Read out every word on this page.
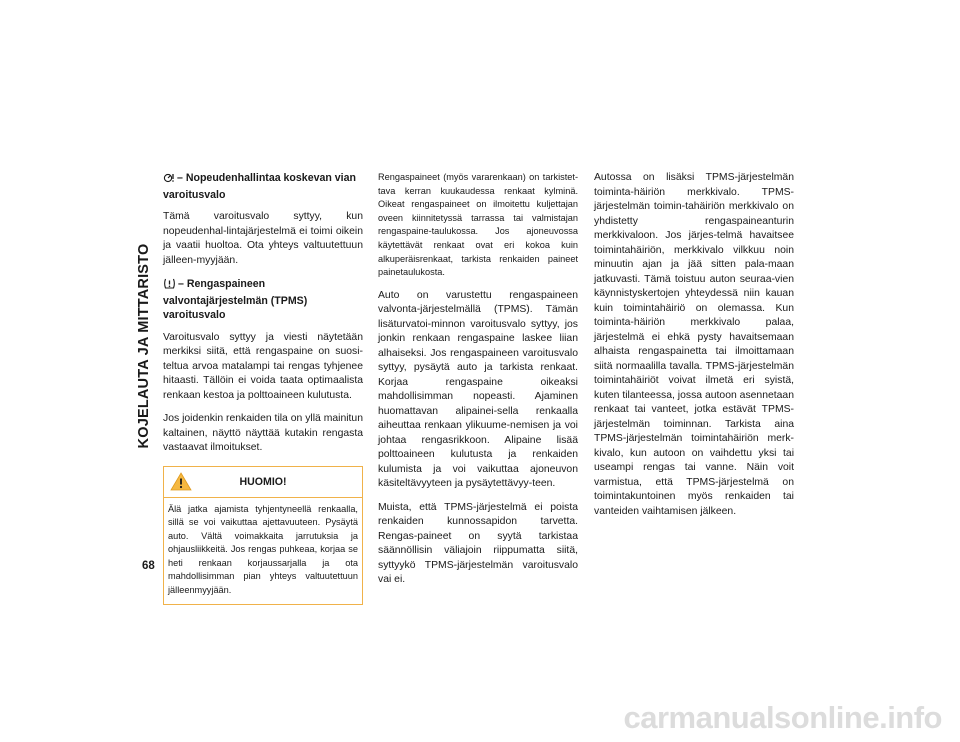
KOJELAUTA JA MITTARISTO
68
– Nopeudenhallintaa koskevan vian varoitusvalo

Tämä varoitusvalo syttyy, kun nopeudenhal-lintajärjestelmä ei toimi oikein ja vaatii huoltoa. Ota yhteys valtuutettuun jälleen-myyjään.

– Rengaspaineen valvontajärjestelmän (TPMS) varoitusvalo

Varoitusvalo syttyy ja viesti näytetään merkiksi siitä, että rengaspaine on suosi-teltua arvoa matalampi tai rengas tyhjenee hitaasti. Tällöin ei voida taata optimaalista renkaan kestoa ja polttoaineen kulutusta.

Jos joidenkin renkaiden tila on yllä mainitun kaltainen, näyttö näyttää kutakin rengasta vastaavat ilmoitukset.

HUOMIO!
Älä jatka ajamista tyhjentyneellä renkaalla, sillä se voi vaikuttaa ajettavuuteen. Pysäytä auto. Vältä voimakkaita jarrutuksia ja ohjausliikkeitä. Jos rengas puhkeaa, korjaa se heti renkaan korjaussarjalla ja ota mahdollisimman pian yhteys valtuutettuun jälleenmyyjään.

Rengaspaineet (myös vararenkaan) on tarkistet-tava kerran kuukaudessa renkaat kylminä. Oikeat rengaspaineet on ilmoitettu kuljettajan oveen kiinnitetyssä tarrassa tai valmistajan rengaspaine-taulukossa. Jos ajoneuvossa käytettävät renkaat ovat eri kokoa kuin alkuperäisrenkaat, tarkista renkaiden paineet painetaulukosta.

Auto on varustettu rengaspaineen valvonta-järjestelmällä (TPMS). Tämän lisäturvatoi-minnon varoitusvalo syttyy, jos jonkin renkaan rengaspaine laskee liian alhaiseksi. Jos rengaspaineen varoitusvalo syttyy, pysäytä auto ja tarkista renkaat. Korjaa rengaspaine oikeaksi mahdollisimman nopeasti. Ajaminen huomattavan alipainei-sella renkaalla aiheuttaa renkaan ylikuume-nemisen ja voi johtaa rengasrikkoon. Alipaine lisää polttoaineen kulutusta ja renkaiden kulumista ja voi vaikuttaa ajoneuvon käsiteltävyyteen ja pysäytettävyy-teen.

Muista, että TPMS-järjestelmä ei poista renkaiden kunnossapidon tarvetta. Rengas-paineet on syytä tarkistaa säännöllisin väliajoin riippumatta siitä, syttyykö TPMS-järjestelmän varoitusvalo vai ei.

Autossa on lisäksi TPMS-järjestelmän toiminta-häiriön merkkivalo. TPMS-järjestelmän toimin-tahäiriön merkkivalo on yhdistetty rengaspaineanturin merkkivaloon. Jos järjes-telmä havaitsee toimintahäiriön, merkkivalo vilkkuu noin minuutin ajan ja jää sitten pala-maan jatkuvasti. Tämä toistuu auton seuraa-vien käynnistyskertojen yhteydessä niin kauan kuin toimintahäiriö on olemassa. Kun toiminta-häiriön merkkivalo palaa, järjestelmä ei ehkä pysty havaitsemaan alhaista rengaspainetta tai ilmoittamaan siitä normaalilla tavalla. TPMS-järjestelmän toimintahäiriöt voivat ilmetä eri syistä, kuten tilanteessa, jossa autoon asennetaan renkaat tai vanteet, jotka estävät TPMS-järjestelmän toiminnan. Tarkista aina TPMS-järjestelmän toimintahäiriön merk-kivalo, kun autoon on vaihdettu yksi tai useampi rengas tai vanne. Näin voit varmistua, että TPMS-järjestelmä on toimintakuntoinen myös renkaiden tai vanteiden vaihtamisen jälkeen.

carmanualsonline.info
